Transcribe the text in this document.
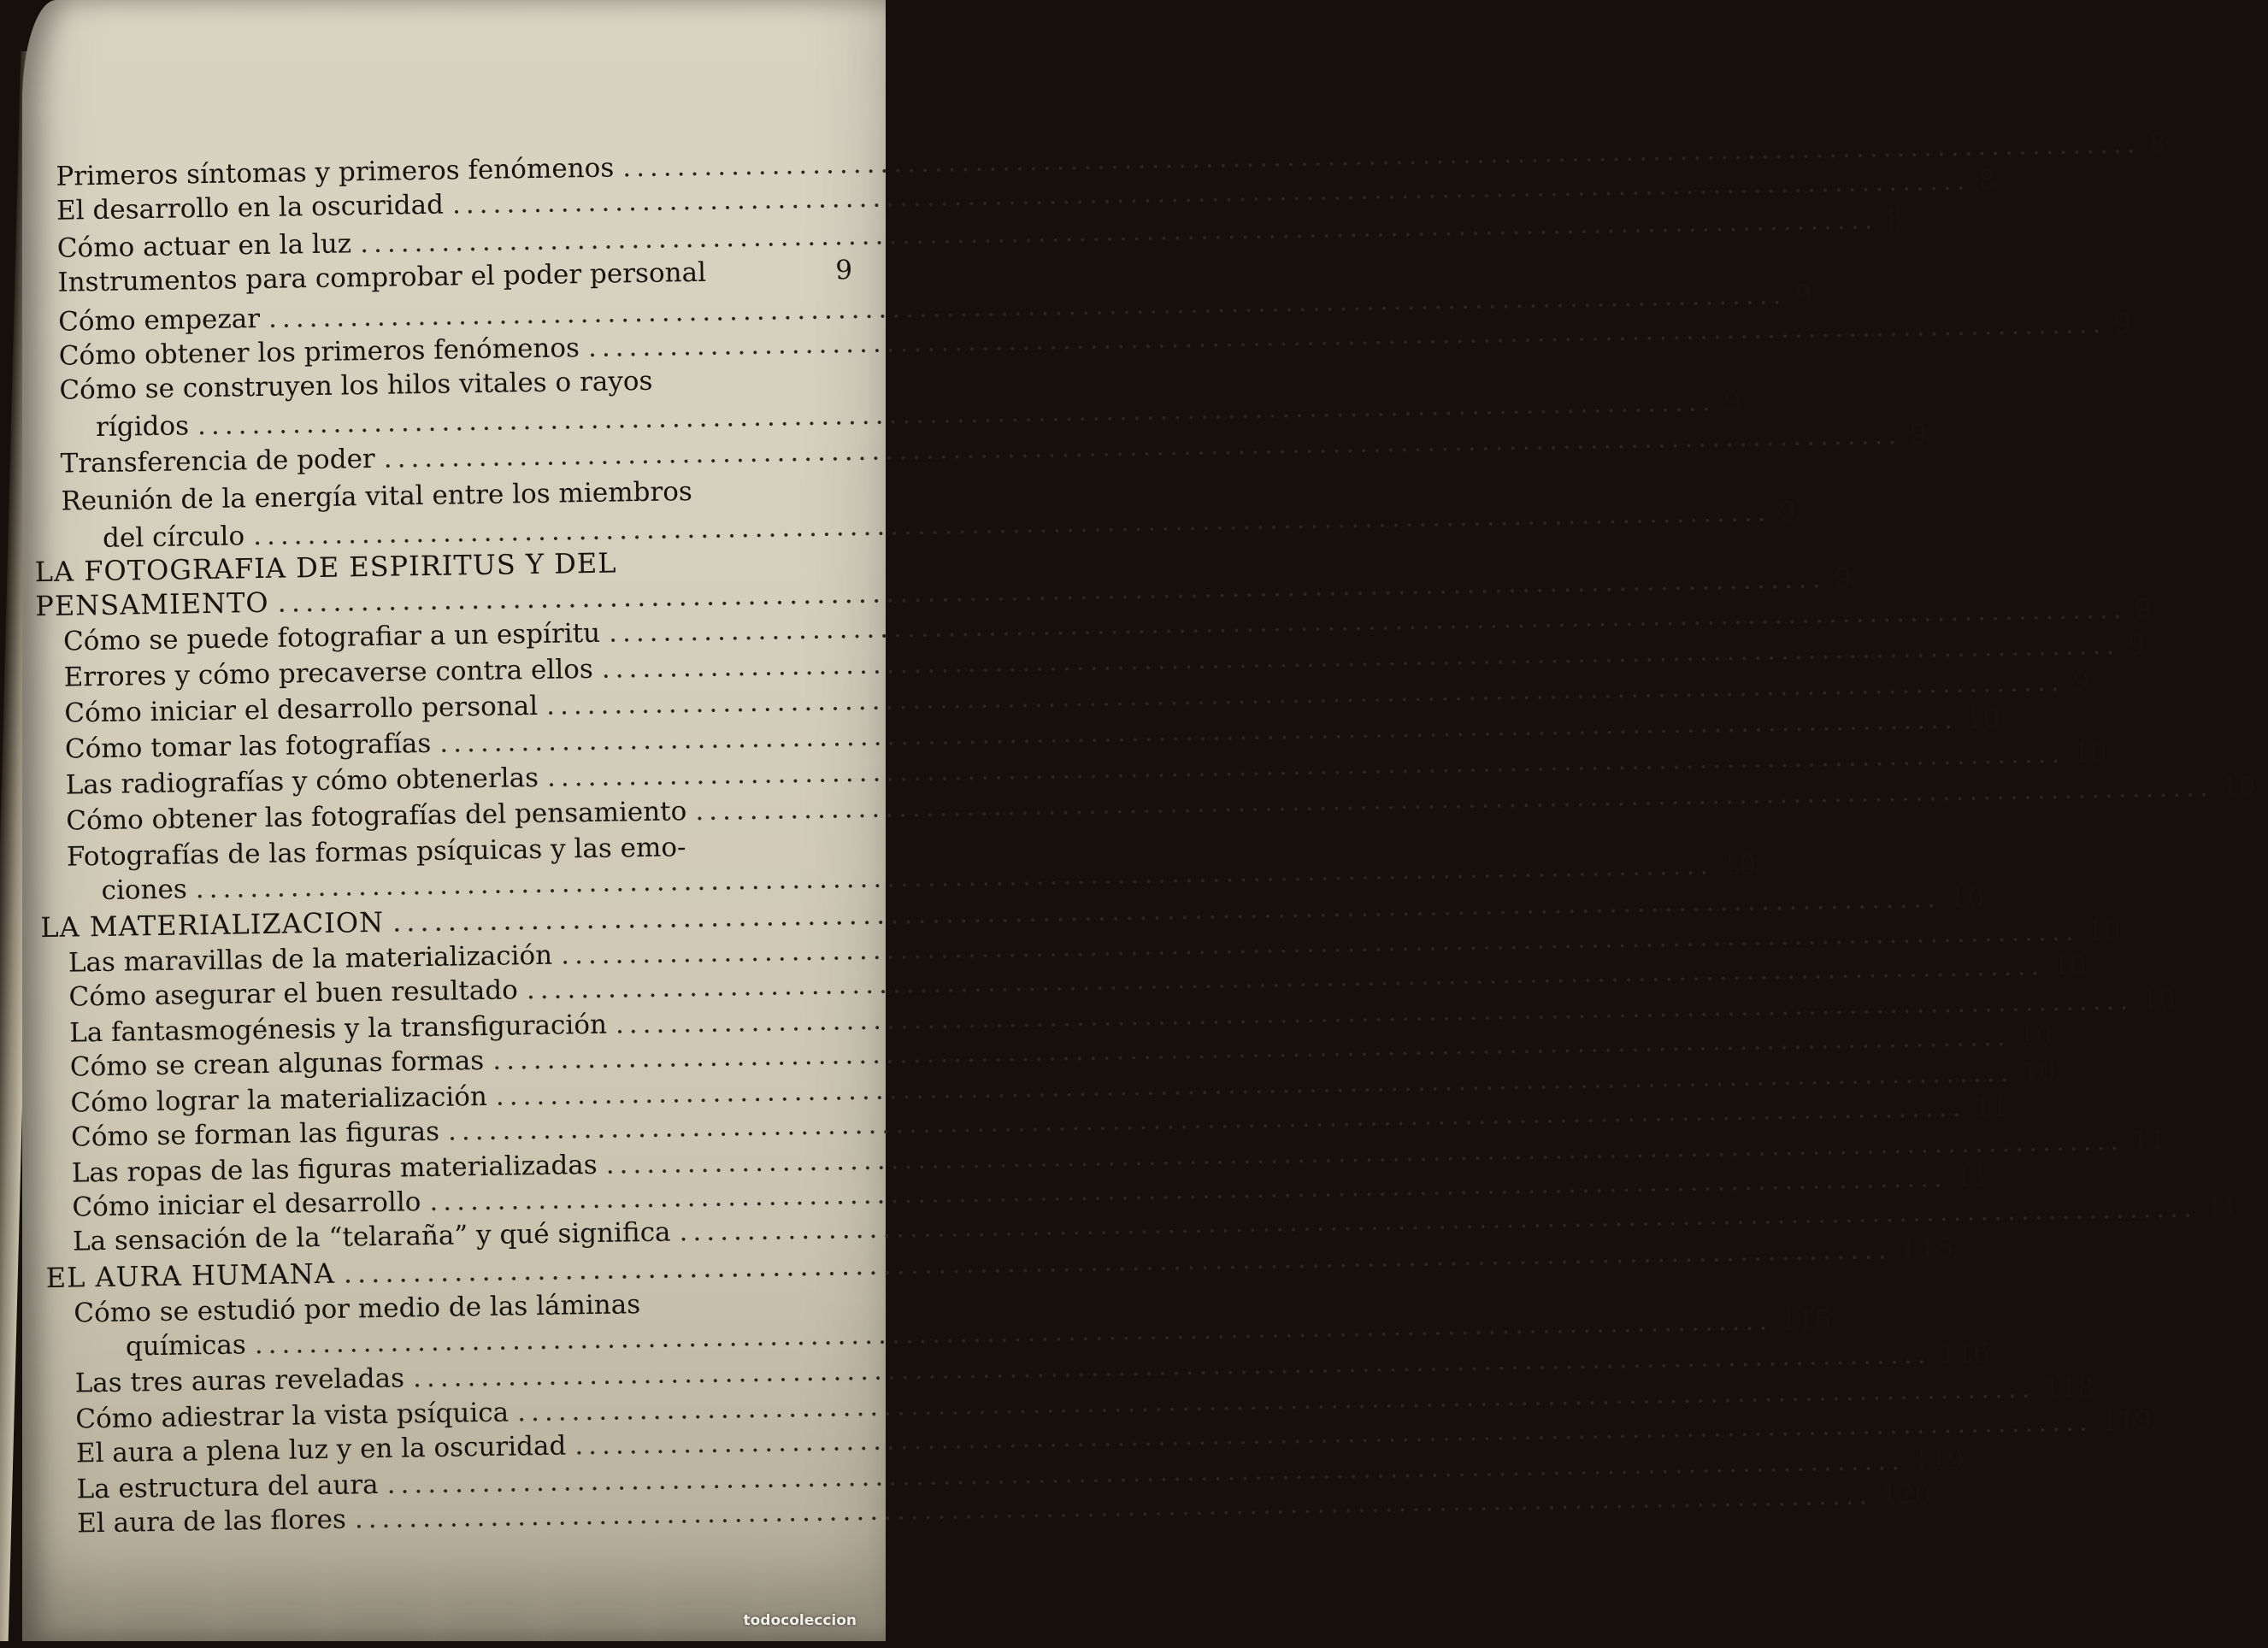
Primeros síntomas y primeros fenómenos
.....
8
El desarrollo en la oscuridad
.....
8
Cómo actuar en la luz
.....
8
Instrumentos para comprobar el poder personal	9
Cómo empezar
.....
9
Cómo obtener los primeros fenómenos
.....
9
Cómo se construyen los hilos vitales o rayos
rígidos
.....
9
Transferencia de poder
.....
9
Reunión de la energía vital entre los miembros
del círculo
.....
9
LA FOTOGRAFIA DE ESPIRITUS Y DEL
PENSAMIENTO
.....
9
Cómo se puede fotografiar a un espíritu
.....
9
Errores y cómo precaverse contra ellos
.....
9
Cómo iniciar el desarrollo personal
.....
9
Cómo tomar las fotografías
.....
10
Las radiografías y cómo obtenerlas
.....
10
Cómo obtener las fotografías del pensamiento
.....
10
Fotografías de las formas psíquicas y las emo-
ciones
.....
10
LA MATERIALIZACION
.....
10
Las maravillas de la materialización
.....
10
Cómo asegurar el buen resultado
.....
10
La fantasmogénesis y la transfiguración
.....
10
Cómo se crean algunas formas
.....
10
Cómo lograr la materialización
.....
10
Cómo se forman las figuras
.....
11
Las ropas de las figuras materializadas
.....
11
Cómo iniciar el desarrollo
.....
11
La sensación de la “telaraña” y qué significa
.....
11
EL AURA HUMANA
.....
115
Cómo se estudió por medio de las láminas
químicas
.....
115
Las tres auras reveladas
.....
116
Cómo adiestrar la vista psíquica
.....
118
El aura a plena luz y en la oscuridad
.....
119
La estructura del aura
.....
119
El aura de las flores
.....
120
todocoleccion
